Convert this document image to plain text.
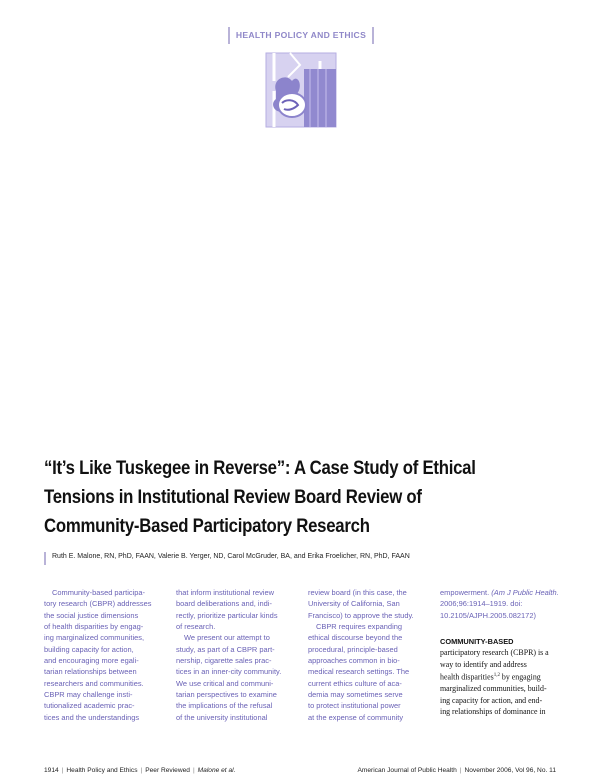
HEALTH POLICY AND ETHICS
“It’s Like Tuskegee in Reverse”: A Case Study of Ethical
Tensions in Institutional Review Board Review of
Community-Based Participatory Research
Ruth E. Malone, RN, PhD, FAAN, Valerie B. Yerger, ND, Carol McGruder, BA, and Erika Froelicher, RN, PhD, FAAN
Community-based participa-
tory research (CBPR) addresses
the social justice dimensions
of health disparities by engag-
ing marginalized communities,
building capacity for action,
and encouraging more egali-
tarian relationships between
researchers and communities.
CBPR may challenge insti-
tutionalized academic prac-
tices and the understandings
that inform institutional review
board deliberations and, indi-
rectly, prioritize particular kinds
of research.
We present our attempt to
study, as part of a CBPR part-
nership, cigarette sales prac-
tices in an inner-city community.
We use critical and communi-
tarian perspectives to examine
the implications of the refusal
of the university institutional
review board (in this case, the
University of California, San
Francisco) to approve the study.
CBPR requires expanding
ethical discourse beyond the
procedural, principle-based
approaches common in bio-
medical research settings. The
current ethics culture of aca-
demia may sometimes serve
to protect institutional power
at the expense of community
empowerment. (Am J Public Health.
2006;96:1914–1919. doi:
10.2105/AJPH.2005.082172)
COMMUNITY-BASED
participatory research (CBPR) is a
way to identify and address
health disparities$^{1,2}$ by engaging
marginalized communities, build-
ing capacity for action, and end-
ing relationships of dominance in
1914 | Health Policy and Ethics | Peer Reviewed | Malone et al.	American Journal of Public Health | November 2006, Vol 96, No. 11
